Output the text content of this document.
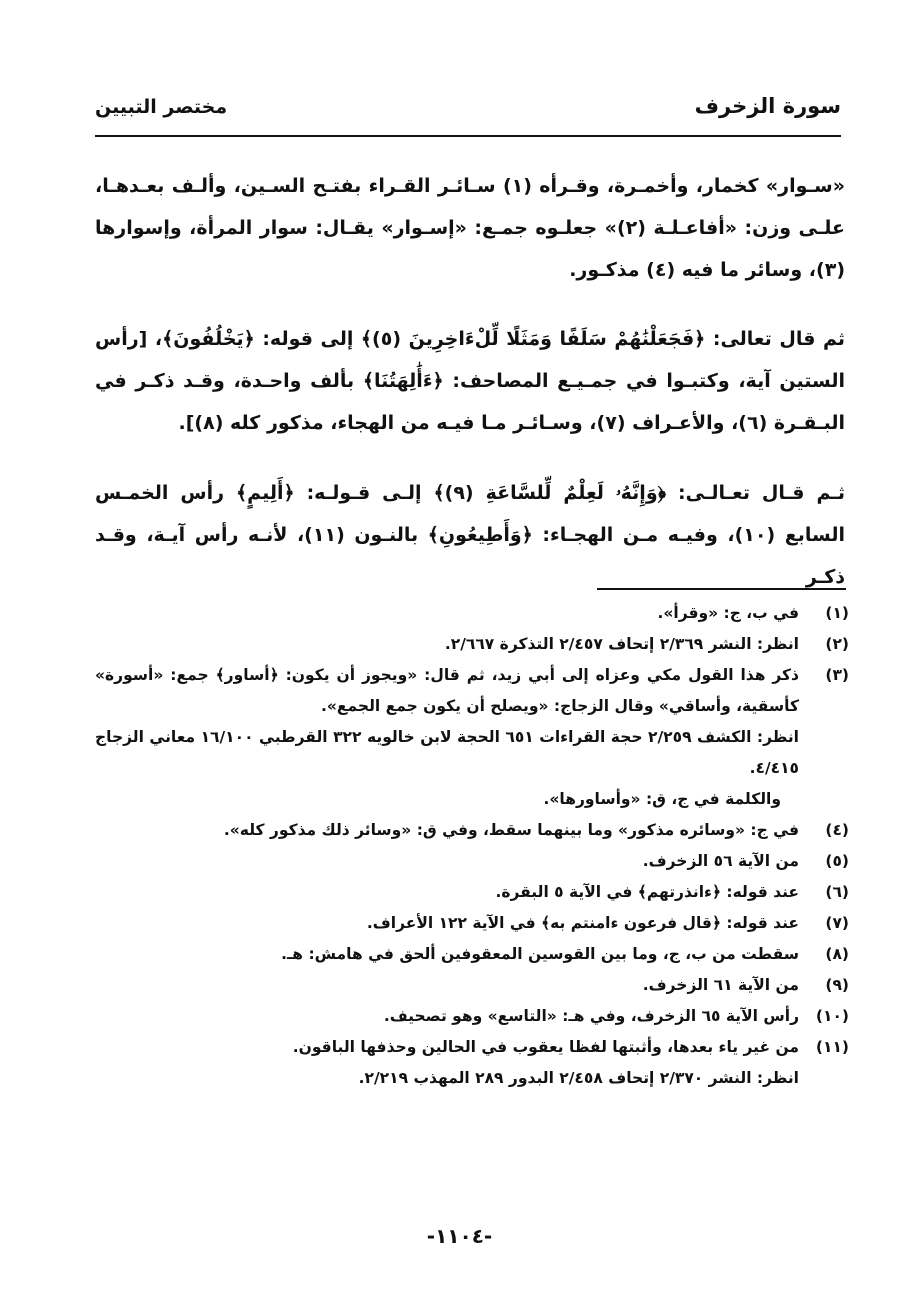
سورة الزخرف
مختصر التبيين

«سـوار» كخمار، وأخمـرة، وقـرأه (١) سـائـر القـراء بفتـح السـين، وألـف بعـدهـا، علـى وزن: «أفاعـلـة (٢)» جعلـوه جمـع: «إسـوار» يقـال: سوار المرأة، وإسوارها (٣)، وسائر ما فيه (٤) مذكـور.

ثم قال تعالى: ﴿فَجَعَلْنَٰهُمْ سَلَفًا وَمَثَلًا لِّلْءَاخِرِينَ (٥)﴾ إلى قوله: ﴿يَخْلُفُونَ﴾، [رأس الستين آية، وكتبـوا في جمـيـع المصاحف: ﴿ءَأَٰلِهَتُنَا﴾ بألف واحـدة، وقـد ذكـر في البـقـرة (٦)، والأعـراف (٧)، وسـائـر مـا فيـه من الهجاء، مذكور كله (٨)].

ثـم قـال تعـالـى: ﴿وَإِنَّهُۥ لَعِلْمٌ لِّلسَّاعَةِ (٩)﴾ إلـى قـولـه: ﴿أَلِيمٍ﴾ رأس الخمـس السابع (١٠)، وفيـه مـن الهجـاء: ﴿وَأَطِيعُونِ﴾ بالنـون (١١)، لأنـه رأس آيـة، وقـد ذكـر

(١)
في ب، ج: «وقرأ».
(٢)
انظر: النشر ٢/٣٦٩ إتحاف ٢/٤٥٧ التذكرة ٢/٦٦٧.
(٣)
ذكر هذا القول مكي وعزاه إلى أبي زيد، ثم قال: «ويجوز أن يكون: ﴿أساور﴾ جمع: «أسورة» كأسقية، وأساقي» وقال الزجاج: «ويصلح أن يكون جمع الجمع».
انظر: الكشف ٢/٢٥٩ حجة القراءات ٦٥١ الحجة لابن خالويه ٣٢٢ القرطبي ١٦/١٠٠ معاني الزجاج ٤/٤١٥.
والكلمة في ج، ق: «وأساورها».
(٤)
في ج: «وسائره مذكور» وما بينهما سقط، وفي ق: «وسائر ذلك مذكور كله».
(٥)
من الآية ٥٦ الزخرف.
(٦)
عند قوله: ﴿ءانذرتهم﴾ في الآية ٥ البقرة.
(٧)
عند قوله: ﴿قال فرعون ءامنتم به﴾ في الآية ١٢٢ الأعراف.
(٨)
سقطت من ب، ج، وما بين القوسين المعقوفين ألحق في هامش: هـ.
(٩)
من الآية ٦١ الزخرف.
(١٠)
رأس الآية ٦٥ الزخرف، وفي هـ: «التاسع» وهو تصحيف.
(١١)
من غير ياء بعدها، وأثبتها لفظا يعقوب في الحالين وحذفها الباقون.
انظر: النشر ٢/٣٧٠ إتحاف ٢/٤٥٨ البدور ٢٨٩ المهذب ٢/٢١٩.
-١١٠٤-
